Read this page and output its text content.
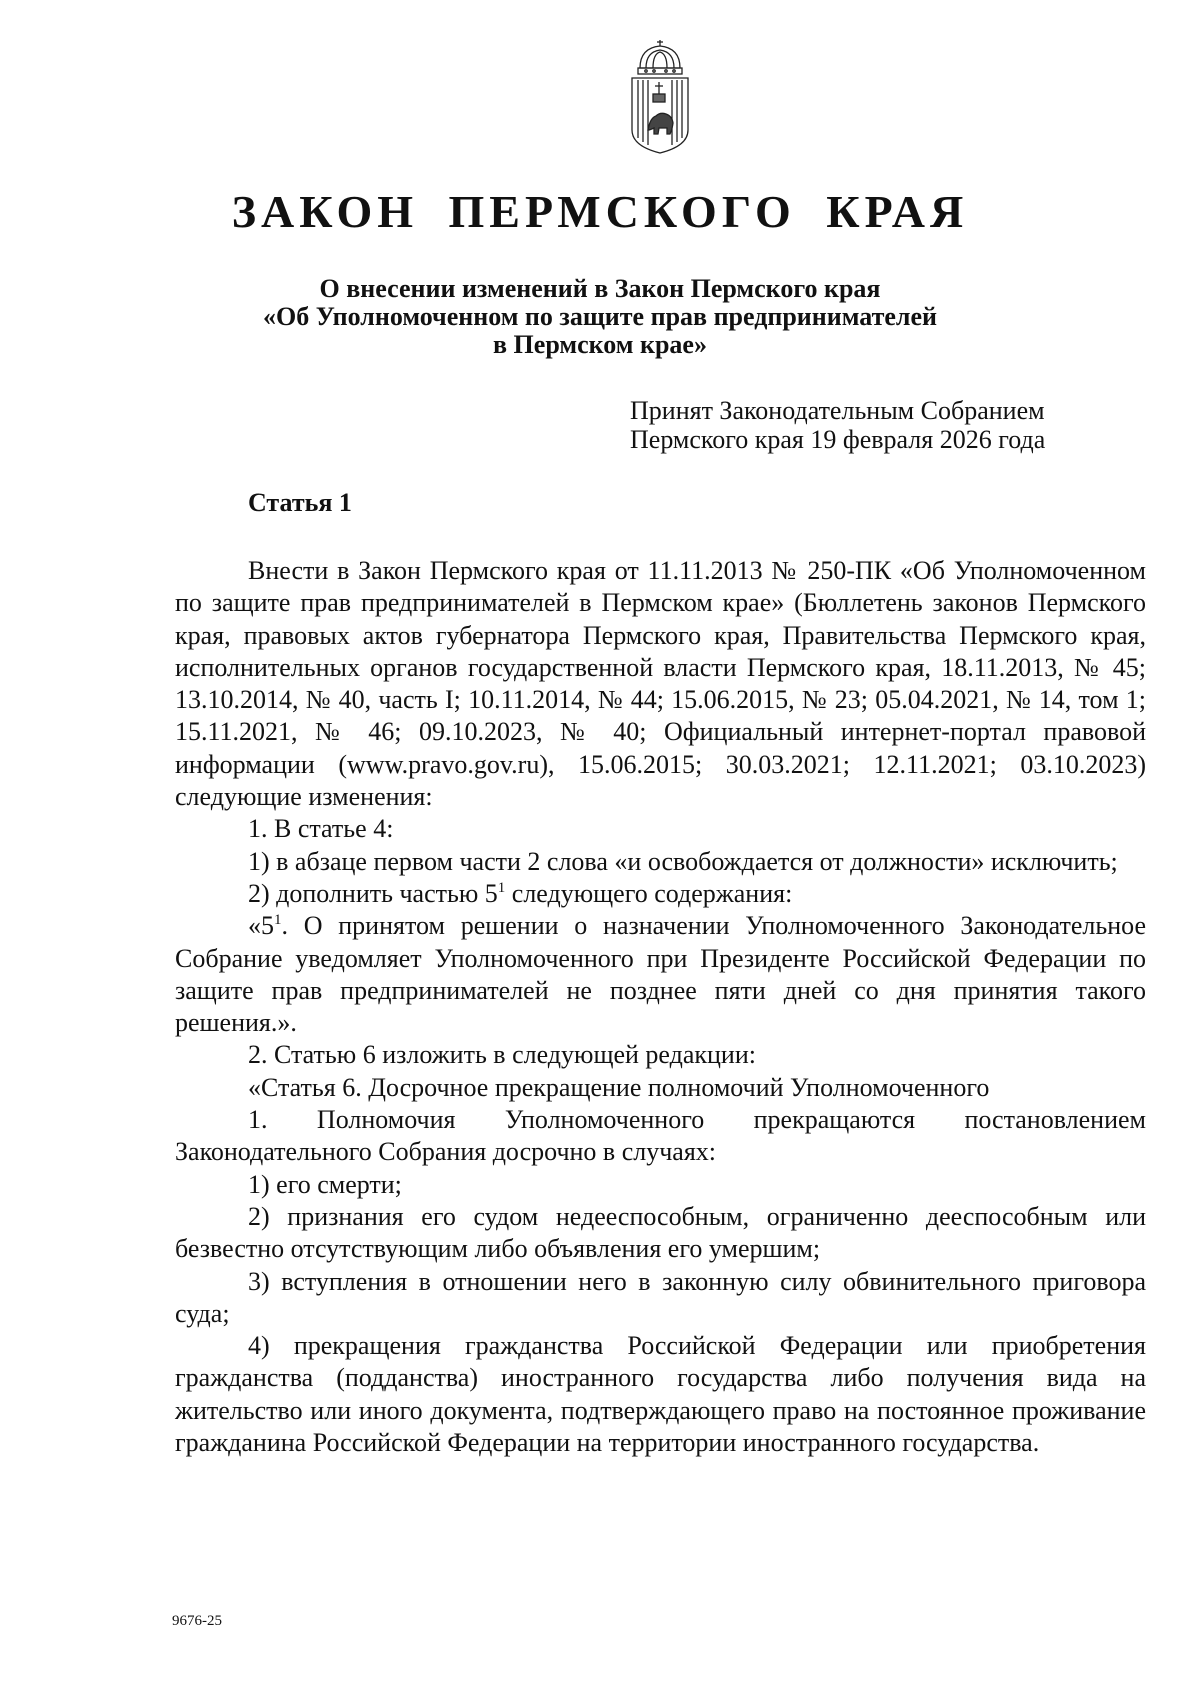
ЗАКОН ПЕРМСКОГО КРАЯ
О внесении изменений в Закон Пермского края
«Об Уполномоченном по защите прав предпринимателей
в Пермском крае»
Принят Законодательным Собранием
Пермского края 19 февраля 2026 года
Статья 1

Внести в Закон Пермского края от 11.11.2013 № 250-ПК «Об Уполномоченном по защите прав предпринимателей в Пермском крае» (Бюллетень законов Пермского края, правовых актов губернатора Пермского края, Правительства Пермского края, исполнительных органов государственной власти Пермского края, 18.11.2013, № 45; 13.10.2014, № 40, часть I; 10.11.2014, № 44; 15.06.2015, № 23; 05.04.2021, № 14, том 1; 15.11.2021, № 46; 09.10.2023, № 40; Официальный интернет-портал правовой информации (www.pravo.gov.ru), 15.06.2015; 30.03.2021; 12.11.2021; 03.10.2023) следующие изменения:

1. В статье 4:

1) в абзаце первом части 2 слова «и освобождается от должности» исключить;

2) дополнить частью $5^1$ следующего содержания:

«$5^1$. О принятом решении о назначении Уполномоченного Законодательное Собрание уведомляет Уполномоченного при Президенте Российской Федерации по защите прав предпринимателей не позднее пяти дней со дня принятия такого решения.».

2. Статью 6 изложить в следующей редакции:

«Статья 6. Досрочное прекращение полномочий Уполномоченного

1. Полномочия Уполномоченного прекращаются постановлением Законодательного Собрания досрочно в случаях:

1) его смерти;

2) признания его судом недееспособным, ограниченно дееспособным или безвестно отсутствующим либо объявления его умершим;

3) вступления в отношении него в законную силу обвинительного приговора суда;

4) прекращения гражданства Российской Федерации или приобретения гражданства (подданства) иностранного государства либо получения вида на жительство или иного документа, подтверждающего право на постоянное проживание гражданина Российской Федерации на территории иностранного государства.

9676-25
